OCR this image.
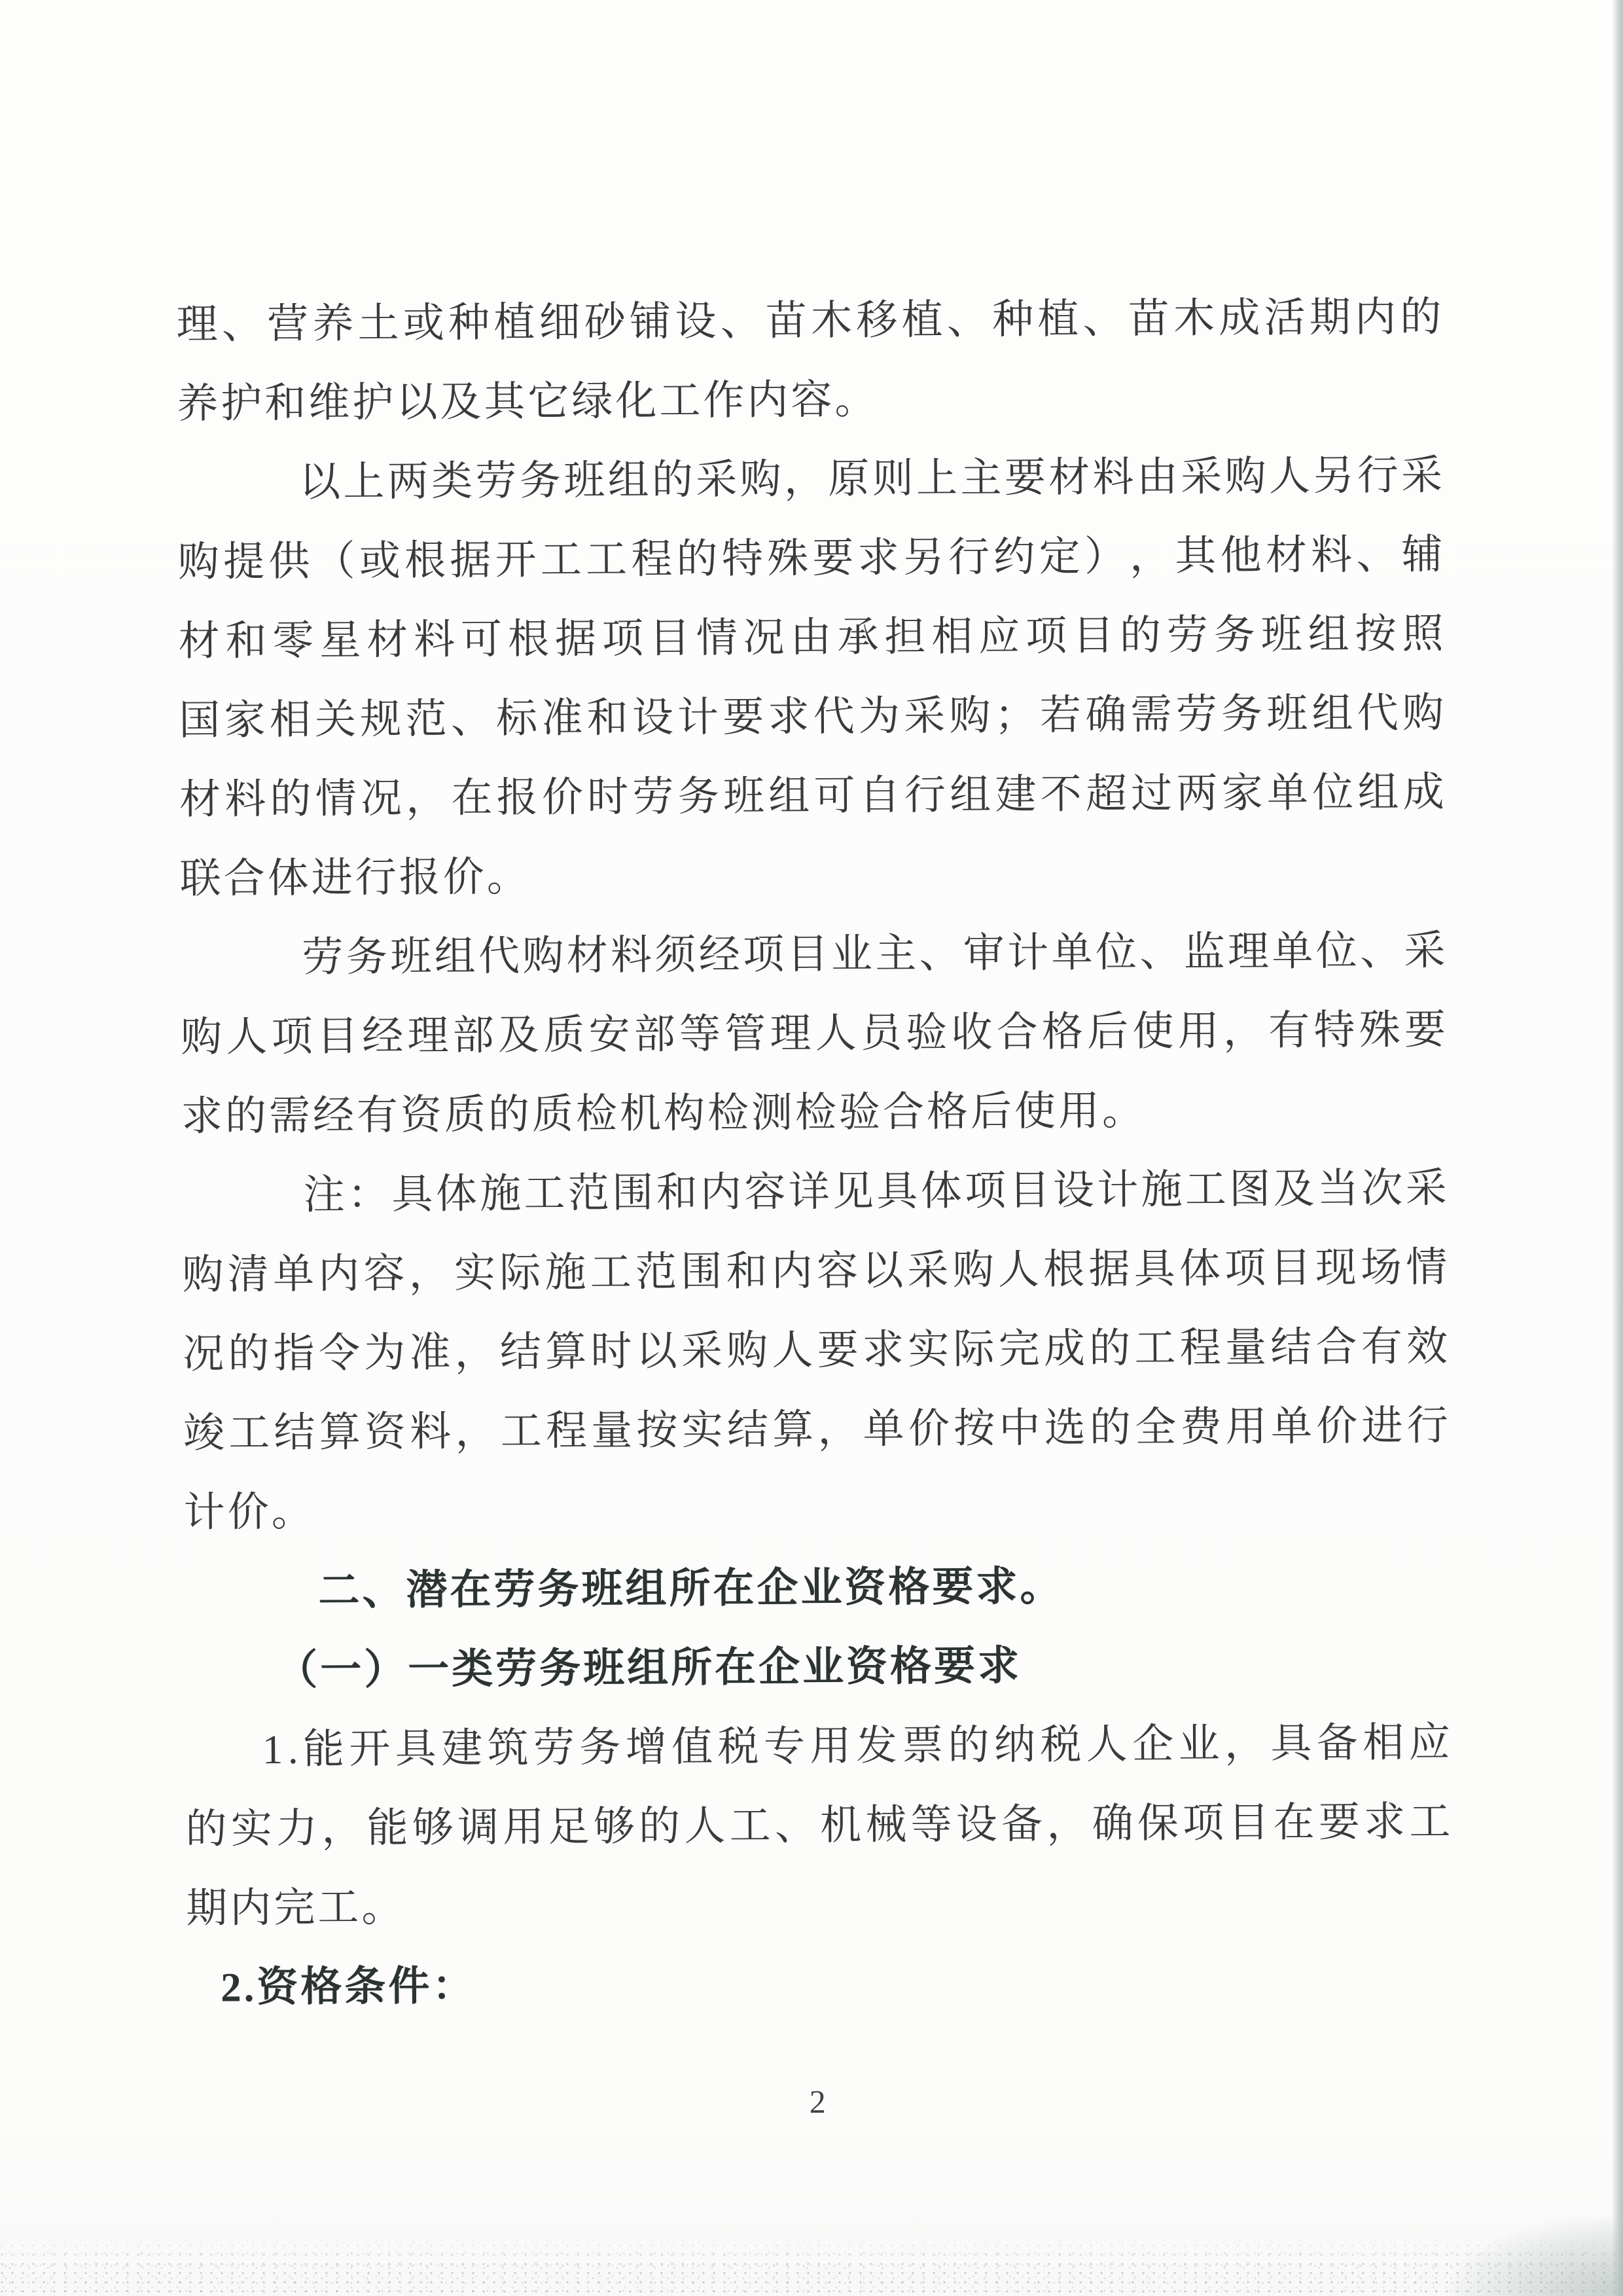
理 、 营 养 土 或 种 植 细 砂 铺 设 、 苗 木 移 植 、 种 植 、 苗 木 成 活 期 内 的
养护和维护以及其它绿化工作内容。
以 上 两 类 劳 务 班 组 的 采 购 ， 原 则 上 主 要 材 料 由 采 购 人 另 行 采
购 提 供 （ 或 根 据 开 工 工 程 的 特 殊 要 求 另 行 约 定 ） ， 其 他 材 料 、 辅
材 和 零 星 材 料 可 根 据 项 目 情 况 由 承 担 相 应 项 目 的 劳 务 班 组 按 照
国 家 相 关 规 范 、 标 准 和 设 计 要 求 代 为 采 购 ； 若 确 需 劳 务 班 组 代 购
材 料 的 情 况 ， 在 报 价 时 劳 务 班 组 可 自 行 组 建 不 超 过 两 家 单 位 组 成
联合体进行报价。
劳 务 班 组 代 购 材 料 须 经 项 目 业 主 、 审 计 单 位 、 监 理 单 位 、 采
购 人 项 目 经 理 部 及 质 安 部 等 管 理 人 员 验 收 合 格 后 使 用 ， 有 特 殊 要
求的需经有资质的质检机构检测检验合格后使用。
注 ： 具 体 施 工 范 围 和 内 容 详 见 具 体 项 目 设 计 施 工 图 及 当 次 采
购 清 单 内 容 ， 实 际 施 工 范 围 和 内 容 以 采 购 人 根 据 具 体 项 目 现 场 情
况 的 指 令 为 准 ， 结 算 时 以 采 购 人 要 求 实 际 完 成 的 工 程 量 结 合 有 效
竣 工 结 算 资 料 ， 工 程 量 按 实 结 算 ， 单 价 按 中 选 的 全 费 用 单 价 进 行
计价。
二、潜在劳务班组所在企业资格要求。
（一）一类劳务班组所在企业资格要求
1 . 能 开 具 建 筑 劳 务 增 值 税 专 用 发 票 的 纳 税 人 企 业 ， 具 备 相 应
的 实 力 ， 能 够 调 用 足 够 的 人 工 、 机 械 等 设 备 ， 确 保 项 目 在 要 求 工
期内完工。
2.资格条件：
2
